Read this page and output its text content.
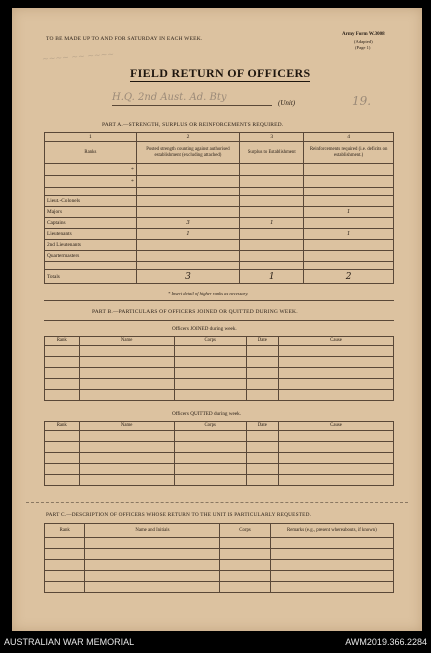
TO BE MADE UP TO AND FOR SATURDAY IN EACH WEEK.
Army Form W.3008
(Adapted)
(Page 1)
~~~~ ~~ ~~~~
FIELD RETURN OF OFFICERS
H.Q. 2nd Aust. Ad. Bty	(Unit)	19.
PART A.—STRENGTH, SURPLUS OR REINFORCEMENTS REQUIRED.
1	2	3	4
Ranks	Posted strength counting against authorised establishment (excluding attached)	Surplus to Establishment	Reinforcements required (i.e. deficits on establishment.)
*			
*			

Lieut.-Colonels			
Majors			1
Captains	3	1	
Lieutenants	1		1
2nd Lieutenants			
Quartermasters			

Totals	3	1	2
* Insert detail of higher ranks as necessary.
PART B.—PARTICULARS OF OFFICERS JOINED OR QUITTED DURING WEEK.
Officers JOINED during week.
Rank	Name	Corps	Date	Cause

Officers QUITTED during week.
Rank	Name	Corps	Date	Cause

PART C.—DESCRIPTION OF OFFICERS WHOSE RETURN TO THE UNIT IS PARTICULARLY REQUESTED.
Rank	Name and Initials	Corps	Remarks (e.g., present whereabouts, if known)

AUSTRALIAN WAR MEMORIAL	AWM2019.366.2284
